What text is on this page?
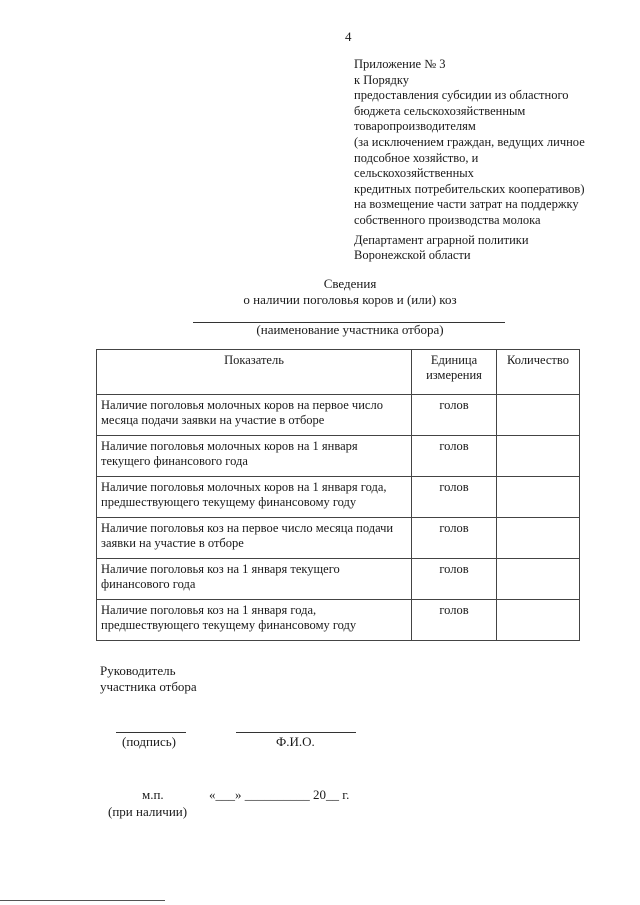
4
Приложение № 3
к Порядку
предоставления субсидии из областного
бюджета сельскохозяйственным
товаропроизводителям
(за исключением граждан, ведущих личное
подсобное хозяйство, и
сельскохозяйственных
кредитных потребительских кооперативов)
на возмещение части затрат на поддержку
собственного производства молока
Департамент аграрной политики
Воронежской области
Сведения
о наличии поголовья коров и (или) коз
(наименование участника отбора)
Показатель	Единица измерения	Количество
Наличие поголовья молочных коров на первое число месяца подачи заявки на участие в отборе	голов	
Наличие поголовья молочных коров на 1 января текущего финансового года	голов	
Наличие поголовья молочных коров на 1 января года, предшествующего текущему финансовому году	голов	
Наличие поголовья коз на первое число месяца подачи заявки на участие в отборе	голов	
Наличие поголовья коз на 1 января текущего финансового года	голов	
Наличие поголовья коз на 1 января года, предшествующего текущему финансовому году	голов	
Руководитель
участника отбора
(подпись)	Ф.И.О.
м.п.	«___» __________ 20__ г.
(при наличии)
